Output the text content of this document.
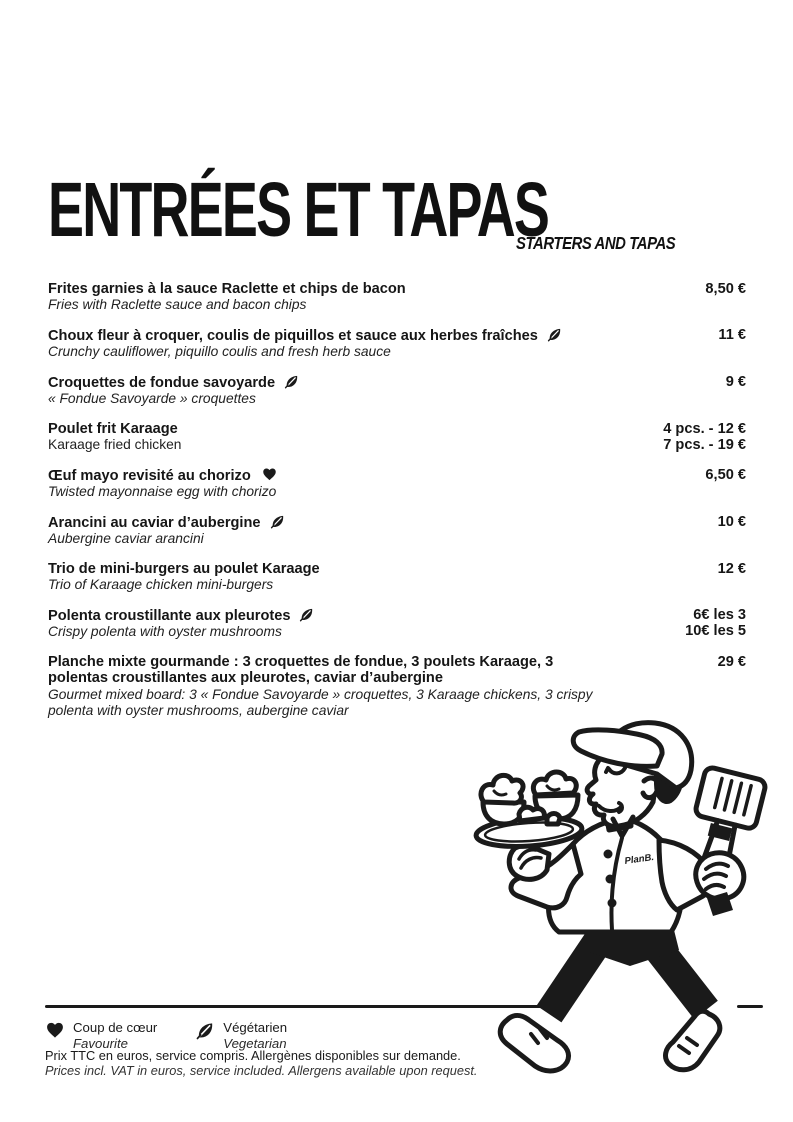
ENTRÉES ET TAPAS
STARTERS AND TAPAS
Frites garnies à la sauce Raclette et chips de bacon
Fries with Raclette sauce and bacon chips
8,50 €
Choux fleur à croquer, coulis de piquillos et sauce aux herbes fraîches
Crunchy cauliflower, piquillo coulis and fresh herb sauce
11 €
Croquettes de fondue savoyarde
« Fondue Savoyarde » croquettes
9 €
Poulet frit Karaage
Karaage fried chicken
4 pcs. - 12 €
7 pcs. - 19 €
Œuf mayo revisité au chorizo
Twisted mayonnaise egg with chorizo
6,50 €
Arancini au caviar d’aubergine
Aubergine caviar arancini
10 €
Trio de mini-burgers au poulet Karaage
Trio of Karaage chicken mini-burgers
12 €
Polenta croustillante aux pleurotes
Crispy polenta with oyster mushrooms
6€ les 3
10€ les 5
Planche mixte gourmande : 3 croquettes de fondue, 3 poulets Karaage, 3 polentas croustillantes aux pleurotes, caviar d’aubergine
Gourmet mixed board: 3 « Fondue Savoyarde » croquettes, 3 Karaage chickens, 3 crispy polenta with oyster mushrooms, aubergine caviar
29 €
PlanB.
Coup de cœur
Favourite
Végétarien
Vegetarian
Prix TTC en euros, service compris. Allergènes disponibles sur demande.
Prices incl. VAT in euros, service included. Allergens available upon request.
